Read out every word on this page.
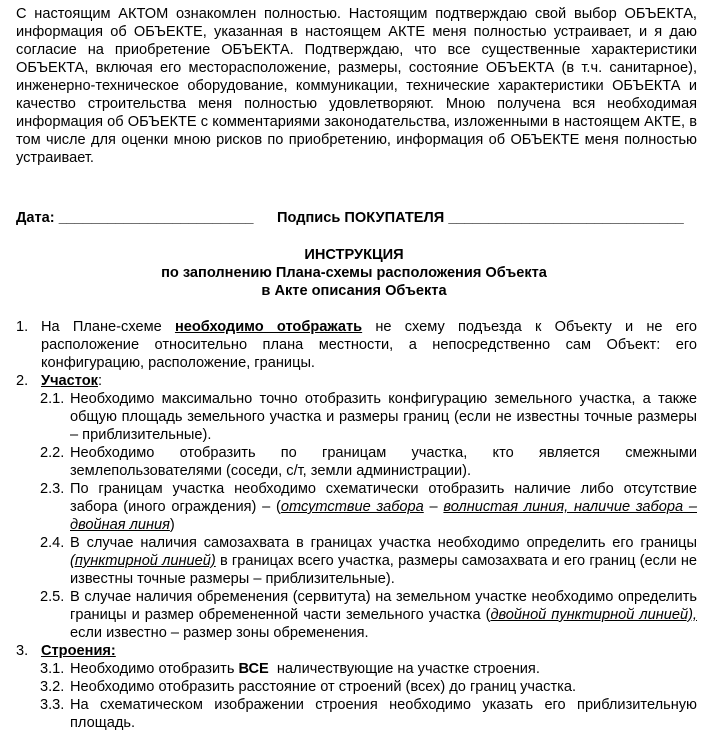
С настоящим АКТОМ ознакомлен полностью. Настоящим подтверждаю свой выбор ОБЪЕКТА, информация об ОБЪЕКТЕ, указанная в настоящем АКТЕ меня полностью устраивает, и я даю согласие на приобретение ОБЪЕКТА. Подтверждаю, что все существенные характеристики ОБЪЕКТА, включая его месторасположение, размеры, состояние ОБЪЕКТА (в т.ч. санитарное), инженерно-техническое оборудование, коммуникации, технические характеристики ОБЪЕКТА и качество строительства меня полностью удовлетворяют. Мною получена вся необходимая информация об ОБЪЕКТЕ с комментариями законодательства, изложенными в настоящем АКТЕ, в том числе для оценки мною рисков по приобретению, информация об ОБЪЕКТЕ меня полностью устраивает.
Дата: ________________________ Подпись ПОКУПАТЕЛЯ _____________________________
ИНСТРУКЦИЯ
по заполнению Плана-схемы расположения Объекта
в Акте описания Объекта
1. На Плане-схеме необходимо отображать не схему подъезда к Объекту и не его расположение относительно плана местности, а непосредственно сам Объект: его конфигурацию, расположение, границы.
2. Участок:
2.1. Необходимо максимально точно отобразить конфигурацию земельного участка, а также общую площадь земельного участка и размеры границ (если не известны точные размеры – приблизительные).
2.2. Необходимо отобразить по границам участка, кто является смежными землепользователями (соседи, с/т, земли администрации).
2.3. По границам участка необходимо схематически отобразить наличие либо отсутствие забора (иного ограждения) – (отсутствие забора – волнистая линия, наличие забора – двойная линия)
2.4. В случае наличия самозахвата в границах участка необходимо определить его границы (пунктирной линией) в границах всего участка, размеры самозахвата и его границ (если не известны точные размеры – приблизительные).
2.5. В случае наличия обременения (сервитута) на земельном участке необходимо определить границы и размер обремененной части земельного участка (двойной пунктирной линией), если известно – размер зоны обременения.
3. Строения:
3.1. Необходимо отобразить ВСЕ  наличествующие на участке строения.
3.2. Необходимо отобразить расстояние от строений (всех) до границ участка.
3.3. На схематическом изображении строения необходимо указать его приблизительную площадь.
